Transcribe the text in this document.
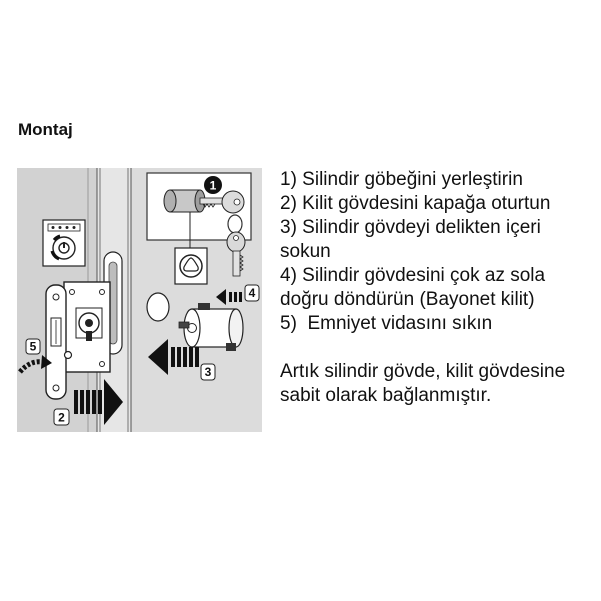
Montaj
5
2
1
3
4
1) Silindir göbeğini yerleştirin
2) Kilit gövdesini kapağa oturtun
3) Silindir gövdeyi delikten içeri
sokun
4) Silindir gövdesini çok az sola
doğru döndürün (Bayonet kilit)
5)  Emniyet vidasını sıkın
Artık silindir gövde, kilit gövdesine
sabit olarak bağlanmıştır.
